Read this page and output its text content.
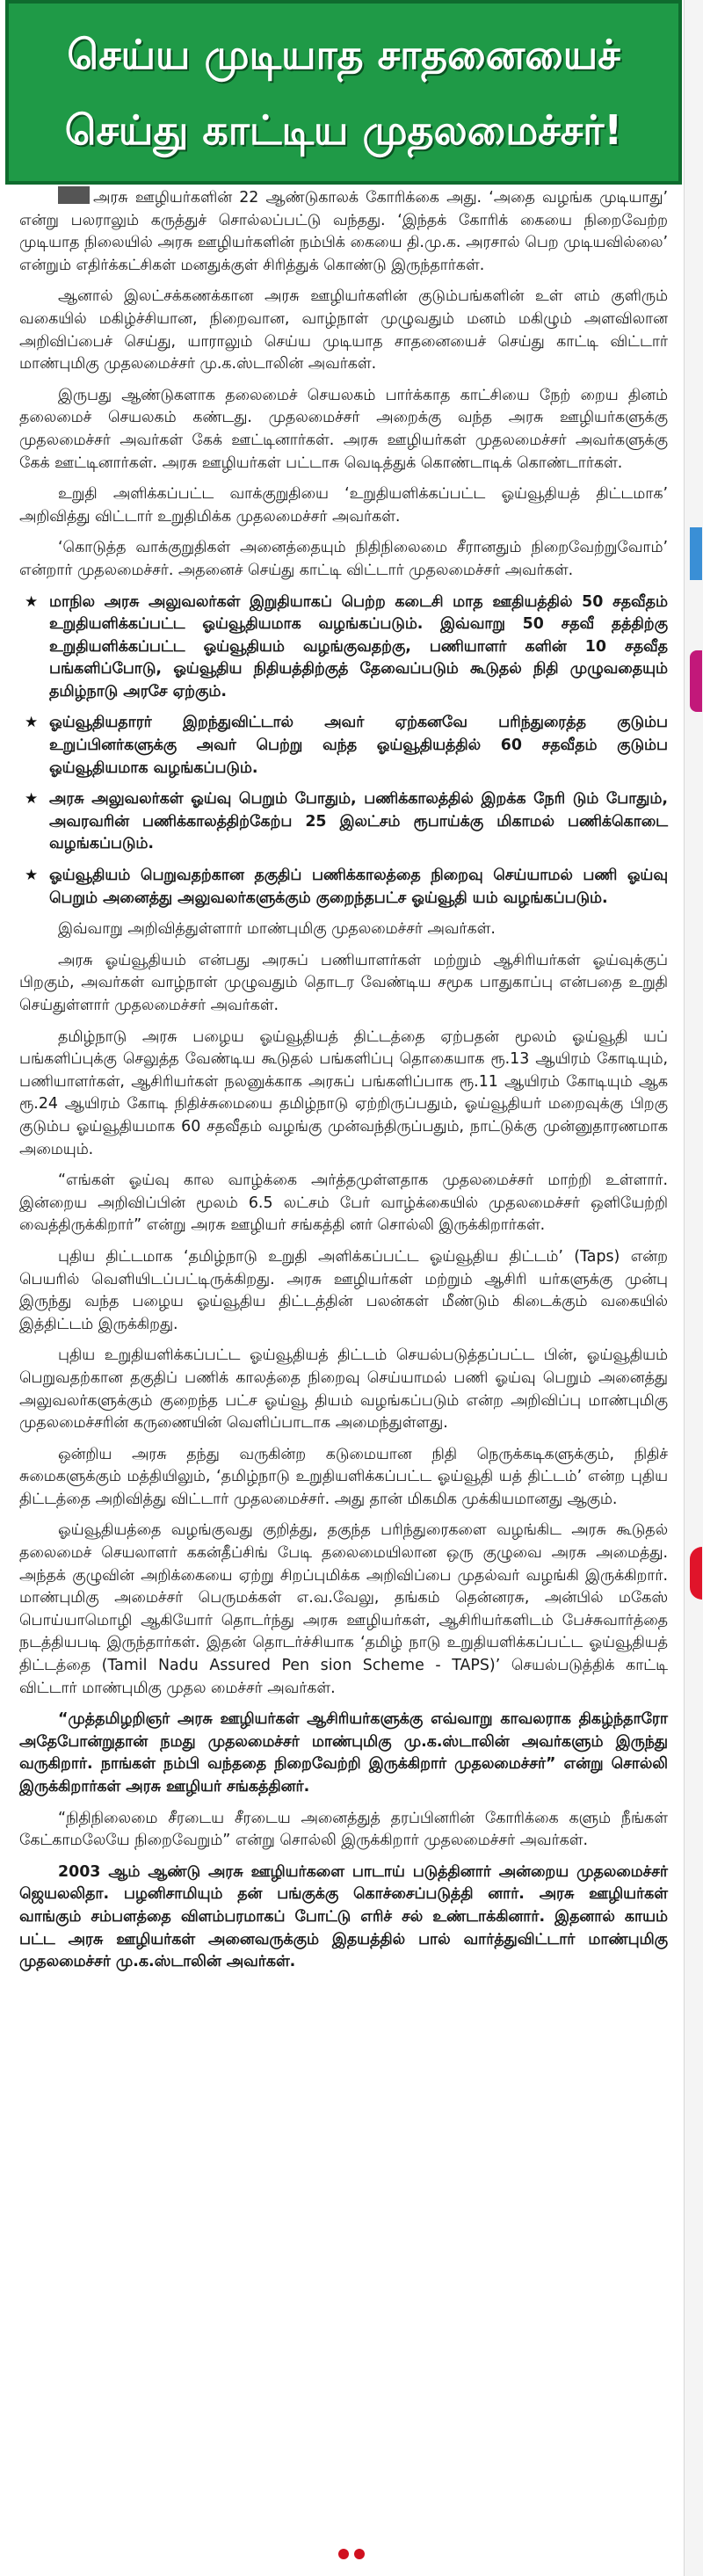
செய்ய முடியாத சாதனையைச்
செய்து காட்டிய முதலமைச்சர்!

அரசு ஊழியர்களின் 22 ஆண்டுகாலக் கோரிக்கை அது. ‘அதை வழங்க முடியாது’ என்று பலராலும் கருத்துச் சொல்லப்பட்டு வந்தது. ‘இந்தக் கோரிக் கையை நிறைவேற்ற முடியாத நிலையில் அரசு ஊழியர்களின் நம்பிக் கையை தி.மு.க. அரசால் பெற முடியவில்லை’ என்றும் எதிர்க்கட்சிகள் மனதுக்குள் சிரித்துக் கொண்டு இருந்தார்கள்.

ஆனால் இலட்சக்கணக்கான அரசு ஊழியர்களின் குடும்பங்களின் உள் ளம் குளிரும் வகையில் மகிழ்ச்சியான, நிறைவான, வாழ்நாள் முழுவதும் மனம் மகிழும் அளவிலான அறிவிப்பைச் செய்து, யாராலும் செய்ய முடியாத சாதனையைச் செய்து காட்டி விட்டார் மாண்புமிகு முதலமைச்சர் மு.க.ஸ்டாலின் அவர்கள்.

இருபது ஆண்டுகளாக தலைமைச் செயலகம் பார்க்காத காட்சியை நேற் றைய தினம் தலைமைச் செயலகம் கண்டது. முதலமைச்சர் அறைக்கு வந்த அரசு ஊழியர்களுக்கு முதலமைச்சர் அவர்கள் கேக் ஊட்டினார்கள். அரசு ஊழியர்கள் முதலமைச்சர் அவர்களுக்கு கேக் ஊட்டினார்கள். அரசு ஊழியர்கள் பட்டாசு வெடித்துக் கொண்டாடிக் கொண்டார்கள்.

உறுதி அளிக்கப்பட்ட வாக்குறுதியை ‘உறுதியளிக்கப்பட்ட ஓய்வூதியத் திட்டமாக’ அறிவித்து விட்டார் உறுதிமிக்க முதலமைச்சர் அவர்கள்.

‘கொடுத்த வாக்குறுதிகள் அனைத்தையும் நிதிநிலைமை சீரானதும் நிறைவேற்றுவோம்’ என்றார் முதலமைச்சர். அதனைச் செய்து காட்டி விட்டார் முதலமைச்சர் அவர்கள்.

★ மாநில அரசு அலுவலர்கள் இறுதியாகப் பெற்ற கடைசி மாத ஊதியத்தில் 50 சதவீதம் உறுதியளிக்கப்பட்ட ஓய்வூதியமாக வழங்கப்படும். இவ்வாறு 50 சதவீ தத்திற்கு உறுதியளிக்கப்பட்ட ஓய்வூதியம் வழங்குவதற்கு, பணியாளர் களின் 10 சதவீத பங்களிப்போடு, ஓய்வூதிய நிதியத்திற்குத் தேவைப்படும் கூடுதல் நிதி முழுவதையும் தமிழ்நாடு அரசே ஏற்கும்.
★ ஓய்வூதியதாரர் இறந்துவிட்டால் அவர் ஏற்கனவே பரிந்துரைத்த குடும்ப உறுப்பினர்களுக்கு அவர் பெற்று வந்த ஓய்வூதியத்தில் 60 சதவீதம் குடும்ப ஓய்வூதியமாக வழங்கப்படும்.
★ அரசு அலுவலர்கள் ஓய்வு பெறும் போதும், பணிக்காலத்தில் இறக்க நேரி டும் போதும், அவரவரின் பணிக்காலத்திற்கேற்ப 25 இலட்சம் ரூபாய்க்கு மிகாமல் பணிக்கொடை வழங்கப்படும்.
★ ஓய்வூதியம் பெறுவதற்கான தகுதிப் பணிக்காலத்தை நிறைவு செய்யாமல் பணி ஓய்வு பெறும் அனைத்து அலுவலர்களுக்கும் குறைந்தபட்ச ஓய்வூதி யம் வழங்கப்படும்.

இவ்வாறு அறிவித்துள்ளார் மாண்புமிகு முதலமைச்சர் அவர்கள்.

அரசு ஓய்வூதியம் என்பது அரசுப் பணியாளர்கள் மற்றும் ஆசிரியர்கள் ஓய்வுக்குப் பிறகும், அவர்கள் வாழ்நாள் முழுவதும் தொடர வேண்டிய சமூக பாதுகாப்பு என்பதை உறுதி செய்துள்ளார் முதலமைச்சர் அவர்கள்.

தமிழ்நாடு அரசு பழைய ஓய்வூதியத் திட்டத்தை ஏற்பதன் மூலம் ஓய்வூதி யப் பங்களிப்புக்கு செலுத்த வேண்டிய கூடுதல் பங்களிப்பு தொகையாக ரூ.13 ஆயிரம் கோடியும், பணியாளர்கள், ஆசிரியர்கள் நலனுக்காக அரசுப் பங்களிப்பாக ரூ.11 ஆயிரம் கோடியும் ஆக ரூ.24 ஆயிரம் கோடி நிதிச்சுமையை தமிழ்நாடு ஏற்றிருப்பதும், ஓய்வூதியர் மறைவுக்கு பிறகு குடும்ப ஓய்வூதியமாக 60 சதவீதம் வழங்கு முன்வந்திருப்பதும், நாட்டுக்கு முன்னுதாரணமாக அமையும்.

“எங்கள் ஓய்வு கால வாழ்க்கை அர்த்தமுள்ளதாக முதலமைச்சர் மாற்றி உள்ளார். இன்றைய அறிவிப்பின் மூலம் 6.5 லட்சம் பேர் வாழ்க்கையில் முதலமைச்சர் ஒளியேற்றி வைத்திருக்கிறார்” என்று அரசு ஊழியர் சங்கத்தி னர் சொல்லி இருக்கிறார்கள்.

புதிய திட்டமாக ‘தமிழ்நாடு உறுதி அளிக்கப்பட்ட ஓய்வூதிய திட்டம்’ (Taps) என்ற பெயரில் வெளியிடப்பட்டிருக்கிறது. அரசு ஊழியர்கள் மற்றும் ஆசிரி யர்களுக்கு முன்பு இருந்து வந்த பழைய ஓய்வூதிய திட்டத்தின் பலன்கள் மீண்டும் கிடைக்கும் வகையில் இத்திட்டம் இருக்கிறது.

புதிய உறுதியளிக்கப்பட்ட ஓய்வூதியத் திட்டம் செயல்படுத்தப்பட்ட பின், ஓய்வூதியம் பெறுவதற்கான தகுதிப் பணிக் காலத்தை நிறைவு செய்யாமல் பணி ஓய்வு பெறும் அனைத்து அலுவலர்களுக்கும் குறைந்த பட்ச ஓய்வூ தியம் வழங்கப்படும் என்ற அறிவிப்பு மாண்புமிகு முதலமைச்சரின் கருணையின் வெளிப்பாடாக அமைந்துள்ளது.

ஒன்றிய அரசு தந்து வருகின்ற கடுமையான நிதி நெருக்கடிகளுக்கும், நிதிச் சுமைகளுக்கும் மத்தியிலும், ‘தமிழ்நாடு உறுதியளிக்கப்பட்ட ஓய்வூதி யத் திட்டம்’ என்ற புதிய திட்டத்தை அறிவித்து விட்டார் முதலமைச்சர். அது தான் மிகமிக முக்கியமானது ஆகும்.

ஓய்வூதியத்தை வழங்குவது குறித்து, தகுந்த பரிந்துரைகளை வழங்கிட அரசு கூடுதல் தலைமைச் செயலாளர் ககன்தீப்சிங் பேடி தலைமையிலான ஒரு குழுவை அரசு அமைத்து. அந்தக் குழுவின் அறிக்கையை ஏற்று சிறப்புமிக்க அறிவிப்பை முதல்வர் வழங்கி இருக்கிறார். மாண்புமிகு அமைச்சர் பெருமக்கள் எ.வ.வேலு, தங்கம் தென்னரசு, அன்பில் மகேஸ் பொய்யாமொழி ஆகியோர் தொடர்ந்து அரசு ஊழியர்கள், ஆசிரியர்களிடம் பேச்சுவார்த்தை நடத்தியபடி இருந்தார்கள். இதன் தொடர்ச்சியாக ‘தமிழ் நாடு உறுதியளிக்கப்பட்ட ஓய்வூதியத் திட்டத்தை (Tamil Nadu Assured Pen sion Scheme - TAPS)’ செயல்படுத்திக் காட்டி விட்டார் மாண்புமிகு முதல மைச்சர் அவர்கள்.

“முத்தமிழறிஞர் அரசு ஊழியர்கள் ஆசிரியர்களுக்கு எவ்வாறு காவலராக திகழ்ந்தாரோ அதேபோன்றுதான் நமது முதலமைச்சர் மாண்புமிகு மு.க.ஸ்டாலின் அவர்களும் இருந்து வருகிறார். நாங்கள் நம்பி வந்ததை நிறைவேற்றி இருக்கிறார் முதலமைச்சர்” என்று சொல்லி இருக்கிறார்கள் அரசு ஊழியர் சங்கத்தினர்.

“நிதிநிலைமை சீரடைய சீரடைய அனைத்துத் தரப்பினரின் கோரிக்கை களும் நீங்கள் கேட்காமலேயே நிறைவேறும்” என்று சொல்லி இருக்கிறார் முதலமைச்சர் அவர்கள்.

2003 ஆம் ஆண்டு அரசு ஊழியர்களை பாடாய் படுத்தினார் அன்றைய முதலமைச்சர் ஜெயலலிதா. பழனிசாமியும் தன் பங்குக்கு கொச்சைப்படுத்தி னார். அரசு ஊழியர்கள் வாங்கும் சம்பளத்தை விளம்பரமாகப் போட்டு எரிச் சல் உண்டாக்கினார். இதனால் காயம் பட்ட அரசு ஊழியர்கள் அனைவருக்கும் இதயத்தில் பால் வார்த்துவிட்டார் மாண்புமிகு முதலமைச்சர் மு.க.ஸ்டாலின் அவர்கள்.
